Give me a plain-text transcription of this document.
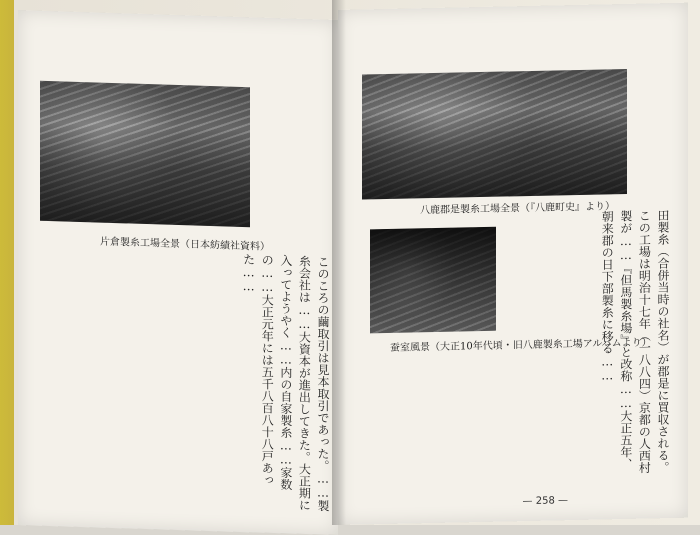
片倉製糸工場全景（日本紡績社資料）
このころの繭取引は見本取引であった。……製糸会社は……大資本が進出してきた。大正期に入ってようやく……内の自家製糸……家数の……大正元年には五千八百八十八戸あった……
八鹿郡是製糸工場全景（『八鹿町史』より）
蚕室風景（大正10年代頃・旧八鹿製糸工場アルバムより） 田製糸（合併当時の社名）が郡是に買収される。この工場は明治十七年（一八八四）京都の人西村製が……『但馬製糸場』と改称……大正五年、朝来郡の日下部製糸に移る……
— 258 —
